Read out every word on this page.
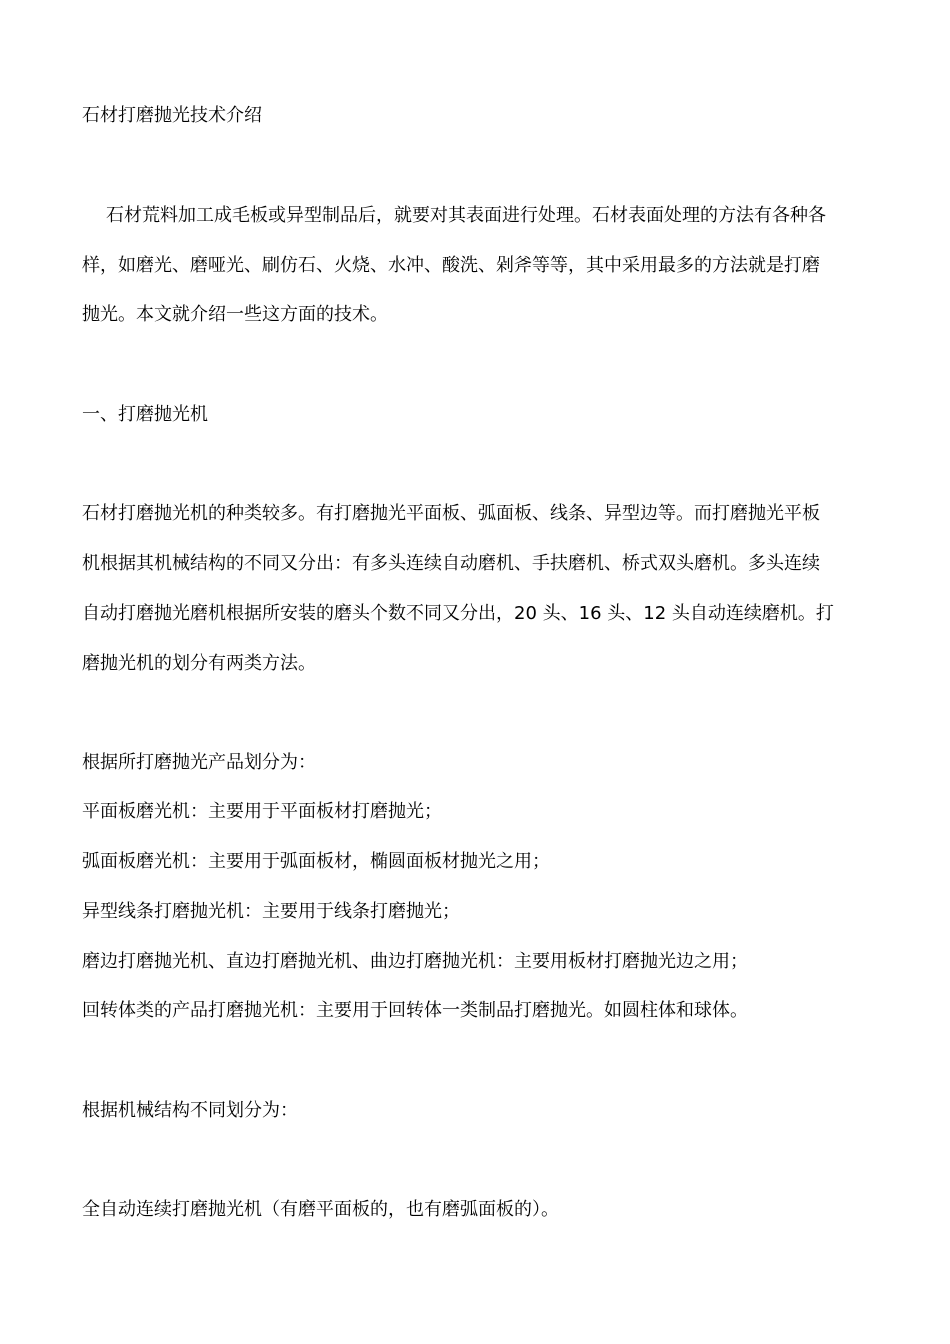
石材打磨抛光技术介绍
石材荒料加工成毛板或异型制品后，就要对其表面进行处理。石材表面处理的方法有各种各
样，如磨光、磨哑光、刷仿石、火烧、水冲、酸洗、剁斧等等，其中采用最多的方法就是打磨
抛光。本文就介绍一些这方面的技术。
一、打磨抛光机
石材打磨抛光机的种类较多。有打磨抛光平面板、弧面板、线条、异型边等。而打磨抛光平板
机根据其机械结构的不同又分出：有多头连续自动磨机、手扶磨机、桥式双头磨机。多头连续
自动打磨抛光磨机根据所安装的磨头个数不同又分出，20 头、16 头、12 头自动连续磨机。打
磨抛光机的划分有两类方法。
根据所打磨抛光产品划分为：
平面板磨光机：主要用于平面板材打磨抛光；
弧面板磨光机：主要用于弧面板材，椭圆面板材抛光之用；
异型线条打磨抛光机：主要用于线条打磨抛光；
磨边打磨抛光机、直边打磨抛光机、曲边打磨抛光机：主要用板材打磨抛光边之用；
回转体类的产品打磨抛光机：主要用于回转体一类制品打磨抛光。如圆柱体和球体。
根据机械结构不同划分为：
全自动连续打磨抛光机（有磨平面板的，也有磨弧面板的）。
